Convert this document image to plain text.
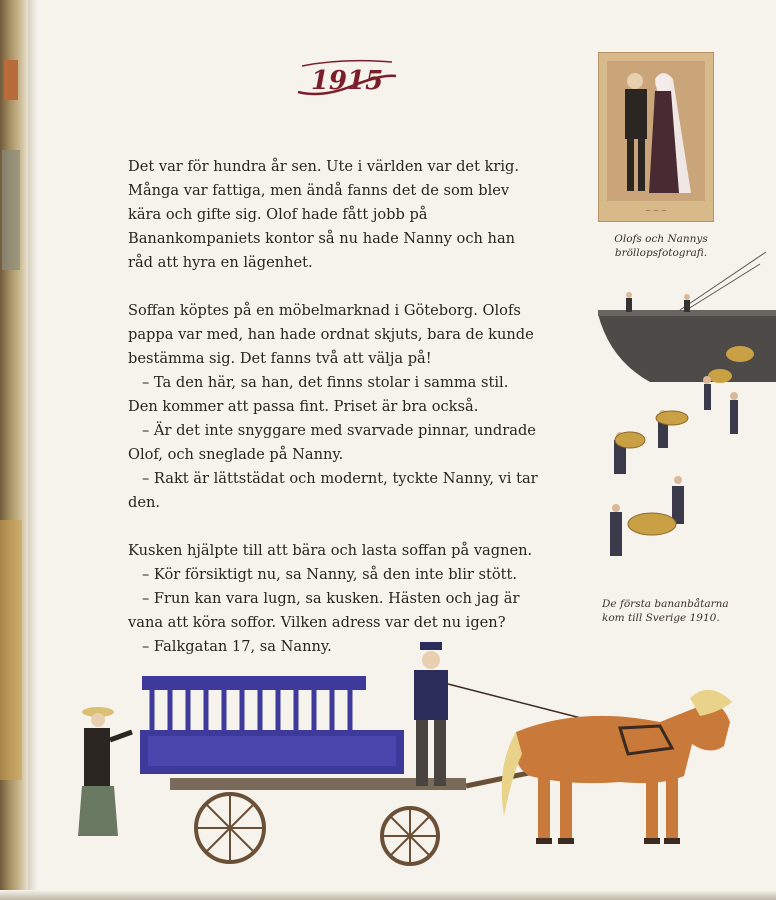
1915

Det var för hundra år sen. Ute i världen var det krig. Många var fattiga, men ändå fanns det de som blev kära och gifte sig. Olof hade fått jobb på Banankompaniets kontor så nu hade Nanny och han råd att hyra en lägenhet.

Soffan köptes på en möbelmarknad i Göteborg. Olofs pappa var med, han hade ordnat skjuts, bara de kunde bestämma sig. Det fanns två att välja på!

– Ta den här, sa han, det finns stolar i samma stil. Den kommer att passa fint. Priset är bra också.

– Är det inte snyggare med svarvade pinnar, undrade Olof, och sneglade på Nanny.

– Rakt är lättstädat och modernt, tyckte Nanny, vi tar den.

Kusken hjälpte till att bära och lasta soffan på vagnen.

– Kör försiktigt nu, sa Nanny, så den inte blir stött.

– Frun kan vara lugn, sa kusken. Hästen och jag är vana att köra soffor. Vilken adress var det nu igen?

– Falkgatan 17, sa Nanny.

~ ~ ~
Olofs och Nannys bröllopsfotografi.
De första bananbåtarna kom till Sverige 1910.
